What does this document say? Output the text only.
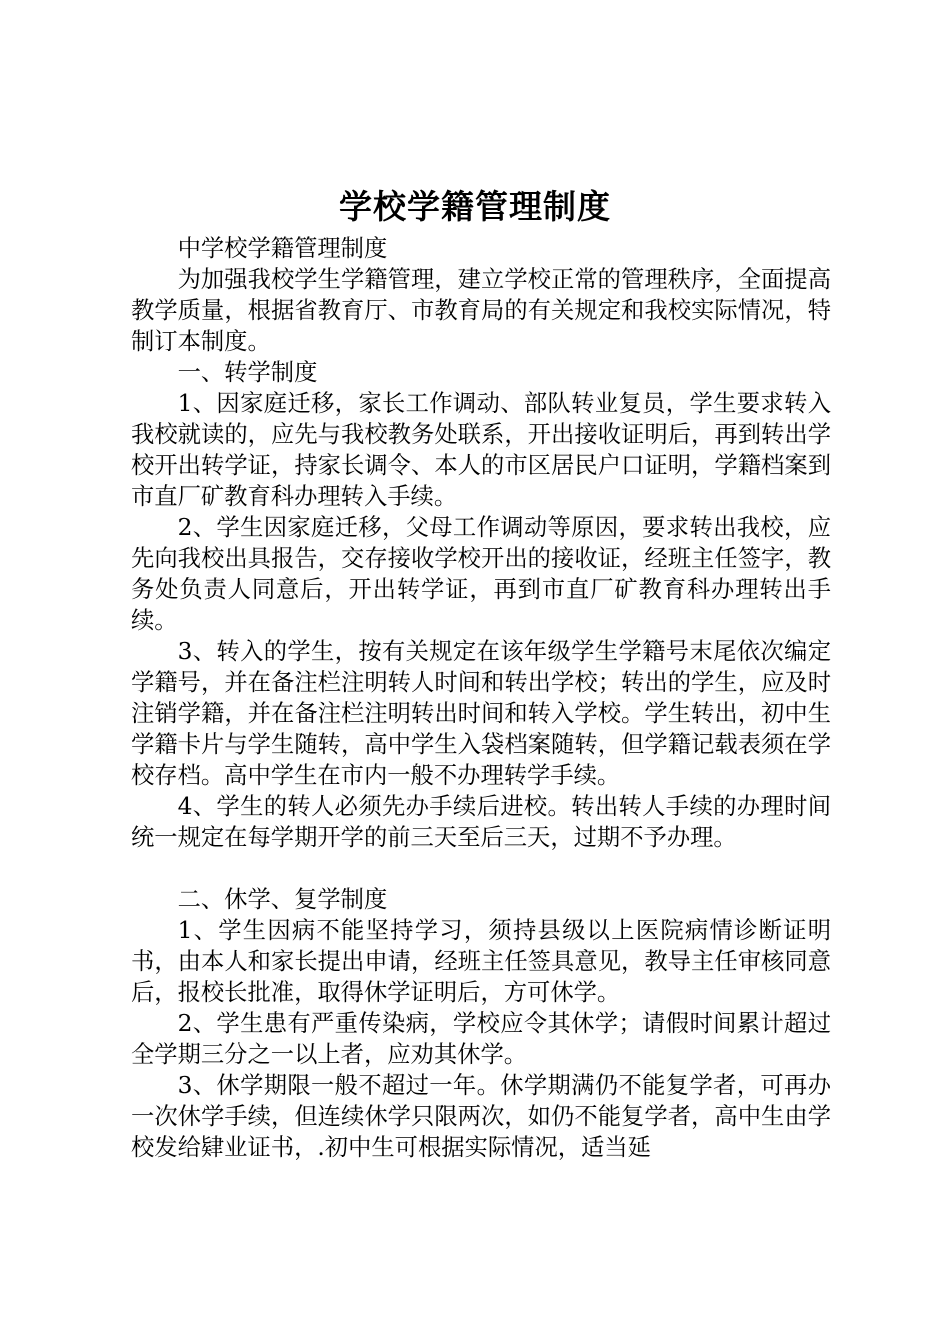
学校学籍管理制度

中学校学籍管理制度

为加强我校学生学籍管理，建立学校正常的管理秩序，全面提高教学质量，根据省教育厅、市教育局的有关规定和我校实际情况，特制订本制度。

一、转学制度

1、因家庭迁移，家长工作调动、部队转业复员，学生要求转入我校就读的，应先与我校教务处联系，开出接收证明后，再到转出学校开出转学证，持家长调令、本人的市区居民户口证明，学籍档案到市直厂矿教育科办理转入手续。

2、学生因家庭迁移，父母工作调动等原因，要求转出我校，应先向我校出具报告，交存接收学校开出的接收证，经班主任签字，教务处负责人同意后，开出转学证，再到市直厂矿教育科办理转出手续。

3、转入的学生，按有关规定在该年级学生学籍号末尾依次编定学籍号，并在备注栏注明转人时间和转出学校；转出的学生，应及时注销学籍，并在备注栏注明转出时间和转入学校。学生转出，初中生学籍卡片与学生随转，高中学生入袋档案随转，但学籍记载表须在学校存档。高中学生在市内一般不办理转学手续。

4、学生的转人必须先办手续后进校。转出转人手续的办理时间统一规定在每学期开学的前三天至后三天，过期不予办理。

二、休学、复学制度

1、学生因病不能坚持学习，须持县级以上医院病情诊断证明书，由本人和家长提出申请，经班主任签具意见，教导主任审核同意后，报校长批准，取得休学证明后，方可休学。

2、学生患有严重传染病，学校应令其休学；请假时间累计超过全学期三分之一以上者，应劝其休学。

3、休学期限一般不超过一年。休学期满仍不能复学者，可再办一次休学手续，但连续休学只限两次，如仍不能复学者，高中生由学校发给肄业证书，.初中生可根据实际情况，适当延
